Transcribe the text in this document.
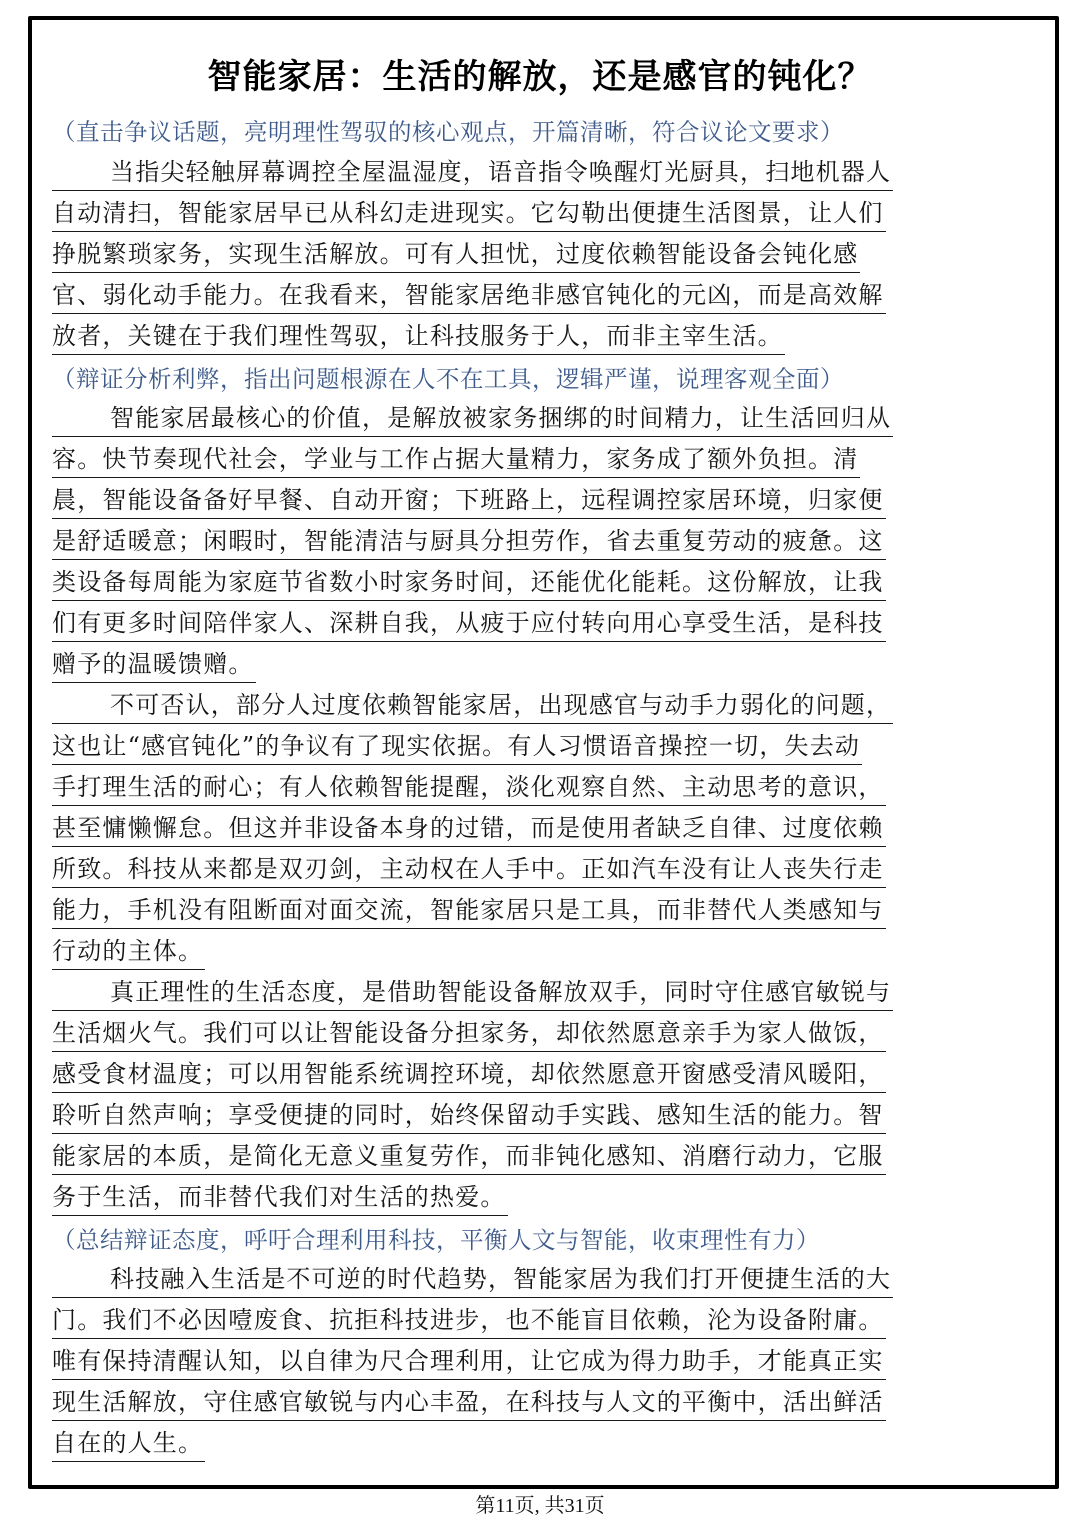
智能家居：生活的解放，还是感官的钝化？
（直击争议话题，亮明理性驾驭的核心观点，开篇清晰，符合议论文要求）
当指尖轻触屏幕调控全屋温湿度，语音指令唤醒灯光厨具，扫地机器人
自动清扫，智能家居早已从科幻走进现实。它勾勒出便捷生活图景，让人们
挣脱繁琐家务，实现生活解放。可有人担忧，过度依赖智能设备会钝化感
官、弱化动手能力。在我看来，智能家居绝非感官钝化的元凶，而是高效解
放者，关键在于我们理性驾驭，让科技服务于人，而非主宰生活。
（辩证分析利弊，指出问题根源在人不在工具，逻辑严谨，说理客观全面）
智能家居最核心的价值，是解放被家务捆绑的时间精力，让生活回归从
容。快节奏现代社会，学业与工作占据大量精力，家务成了额外负担。清
晨，智能设备备好早餐、自动开窗；下班路上，远程调控家居环境，归家便
是舒适暖意；闲暇时，智能清洁与厨具分担劳作，省去重复劳动的疲惫。这
类设备每周能为家庭节省数小时家务时间，还能优化能耗。这份解放，让我
们有更多时间陪伴家人、深耕自我，从疲于应付转向用心享受生活，是科技
赠予的温暖馈赠。
不可否认，部分人过度依赖智能家居，出现感官与动手力弱化的问题，
这也让“感官钝化”的争议有了现实依据。有人习惯语音操控一切，失去动
手打理生活的耐心；有人依赖智能提醒，淡化观察自然、主动思考的意识，
甚至慵懒懈怠。但这并非设备本身的过错，而是使用者缺乏自律、过度依赖
所致。科技从来都是双刃剑，主动权在人手中。正如汽车没有让人丧失行走
能力，手机没有阻断面对面交流，智能家居只是工具，而非替代人类感知与
行动的主体。
真正理性的生活态度，是借助智能设备解放双手，同时守住感官敏锐与
生活烟火气。我们可以让智能设备分担家务，却依然愿意亲手为家人做饭，
感受食材温度；可以用智能系统调控环境，却依然愿意开窗感受清风暖阳，
聆听自然声响；享受便捷的同时，始终保留动手实践、感知生活的能力。智
能家居的本质，是简化无意义重复劳作，而非钝化感知、消磨行动力，它服
务于生活，而非替代我们对生活的热爱。
（总结辩证态度，呼吁合理利用科技，平衡人文与智能，收束理性有力）
科技融入生活是不可逆的时代趋势，智能家居为我们打开便捷生活的大
门。我们不必因噎废食、抗拒科技进步，也不能盲目依赖，沦为设备附庸。
唯有保持清醒认知，以自律为尺合理利用，让它成为得力助手，才能真正实
现生活解放，守住感官敏锐与内心丰盈，在科技与人文的平衡中，活出鲜活
自在的人生。
第11页, 共31页
